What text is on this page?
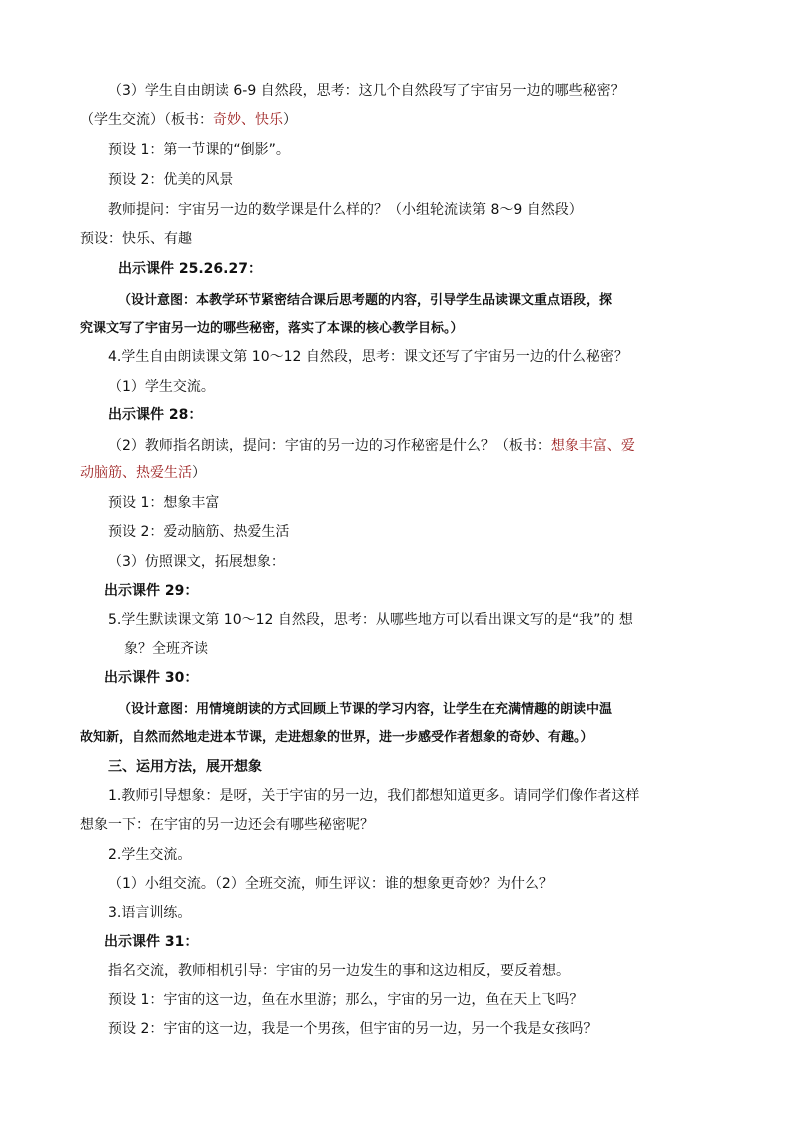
（3）学生自由朗读 6-9 自然段，思考：这几个自然段写了宇宙另一边的哪些秘密？
（学生交流）（板书：奇妙、快乐）
预设 1：第一节课的“倒影”。
预设 2：优美的风景
教师提问：宇宙另一边的数学课是什么样的？（小组轮流读第 8～9 自然段）
预设：快乐、有趣
出示课件 25.26.27：
（设计意图：本教学环节紧密结合课后思考题的内容，引导学生品读课文重点语段，探
究课文写了宇宙另一边的哪些秘密，落实了本课的核心教学目标。）
4.学生自由朗读课文第 10～12 自然段，思考：课文还写了宇宙另一边的什么秘密？
（1）学生交流。
出示课件 28：
（2）教师指名朗读，提问：宇宙的另一边的习作秘密是什么？（板书：想象丰富、爱
动脑筋、热爱生活）
预设 1：想象丰富
预设 2：爱动脑筋、热爱生活
（3）仿照课文，拓展想象：
出示课件 29：
5.学生默读课文第 10～12 自然段，思考：从哪些地方可以看出课文写的是“我”的 想
象？全班齐读
出示课件 30：
（设计意图：用情境朗读的方式回顾上节课的学习内容，让学生在充满情趣的朗读中温
故知新，自然而然地走进本节课，走进想象的世界，进一步感受作者想象的奇妙、有趣。）
三、运用方法，展开想象
1.教师引导想象：是呀，关于宇宙的另一边，我们都想知道更多。请同学们像作者这样
想象一下：在宇宙的另一边还会有哪些秘密呢？
2.学生交流。
（1）小组交流。（2）全班交流，师生评议：谁的想象更奇妙？为什么？
3.语言训练。
出示课件 31：
指名交流，教师相机引导：宇宙的另一边发生的事和这边相反，要反着想。
预设 1：宇宙的这一边，鱼在水里游；那么，宇宙的另一边，鱼在天上飞吗？
预设 2：宇宙的这一边，我是一个男孩，但宇宙的另一边，另一个我是女孩吗？
